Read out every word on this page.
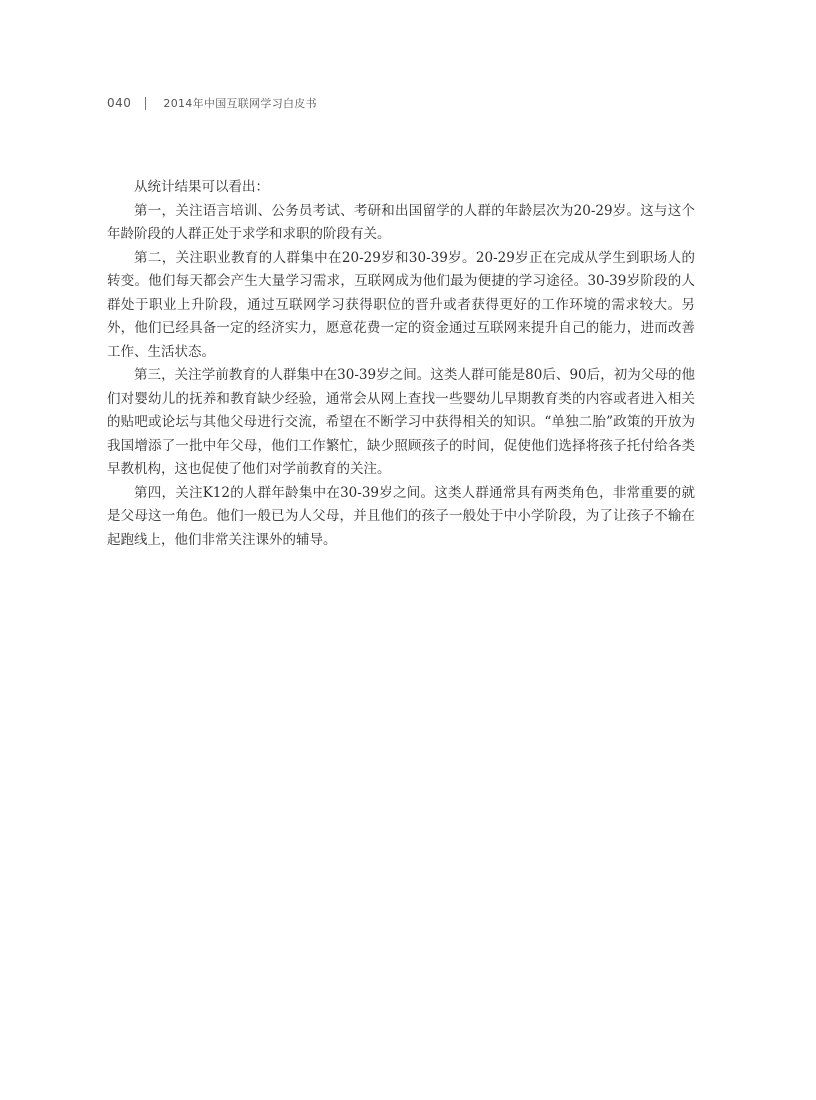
040	2014年中国互联网学习白皮书

从统计结果可以看出：

第一，关注语言培训、公务员考试、考研和出国留学的人群的年龄层次为20-29岁。这与这个年龄阶段的人群正处于求学和求职的阶段有关。

第二，关注职业教育的人群集中在20-29岁和30-39岁。20-29岁正在完成从学生到职场人的转变。他们每天都会产生大量学习需求，互联网成为他们最为便捷的学习途径。30-39岁阶段的人群处于职业上升阶段，通过互联网学习获得职位的晋升或者获得更好的工作环境的需求较大。另外，他们已经具备一定的经济实力，愿意花费一定的资金通过互联网来提升自己的能力，进而改善工作、生活状态。

第三，关注学前教育的人群集中在30-39岁之间。这类人群可能是80后、90后，初为父母的他们对婴幼儿的抚养和教育缺少经验，通常会从网上查找一些婴幼儿早期教育类的内容或者进入相关的贴吧或论坛与其他父母进行交流，希望在不断学习中获得相关的知识。“单独二胎”政策的开放为我国增添了一批中年父母，他们工作繁忙，缺少照顾孩子的时间，促使他们选择将孩子托付给各类早教机构，这也促使了他们对学前教育的关注。

第四，关注K12的人群年龄集中在30-39岁之间。这类人群通常具有两类角色，非常重要的就是父母这一角色。他们一般已为人父母，并且他们的孩子一般处于中小学阶段，为了让孩子不输在起跑线上，他们非常关注课外的辅导。
